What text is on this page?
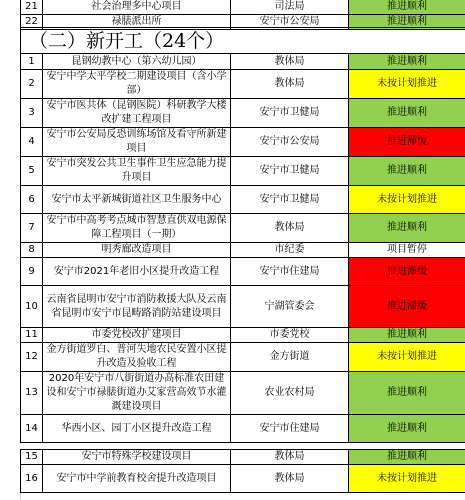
21	社会治理多中心项目	司法局	推进顺利
22	禄脿派出所	安宁市公安局	推进顺利
（二）新开工（24个）			
1	昆钢幼教中心（第六幼儿园）	教体局	推进顺利
2	安宁中学太平学校二期建设项目（含小学部）	教体局	未按计划推进
3	安宁市医共体（昆钢医院）科研教学大楼改扩建工程项目	安宁市卫健局	推进顺利
4	安宁市公安局反恐训练场馆及看守所新建项目	安宁市公安局	推进滞缓
5	安宁市突发公共卫生事件卫生应急能力提升项目	安宁市卫健局	推进顺利
6	安宁市太平新城街道社区卫生服务中心	安宁市卫健局	未按计划推进
7	安宁市中高考考点城市智慧直供双电源保障工程项目（一期）	教体局	推进顺利
8	明秀廊改造项目	市纪委	项目暂停
9	安宁市2021年老旧小区提升改造工程	安宁市住建局	推进滞缓
10	云南省昆明市安宁市消防救援大队及云南省昆明市安宁市昆畴路消防站建设项目	宁湖管委会	推进滞缓
11	市委党校改扩建项目	市委党校	推进顺利
12	金方街道罗白、普河失地农民安置小区提升改造及验收工程	金方街道	未按计划推进
13	2020年安宁市八街街道办高标准农田建设和安宁市禄脿街道办艾家营高效节水灌溉建设项目	农业农村局	推进顺利
14	华西小区、园丁小区提升改造工程	安宁市住建局	推进顺利
15	安宁市特殊学校建设项目	教体局	推进顺利
16	安宁市中学前教育校舍提升改造项目	教体局	未按计划推进
